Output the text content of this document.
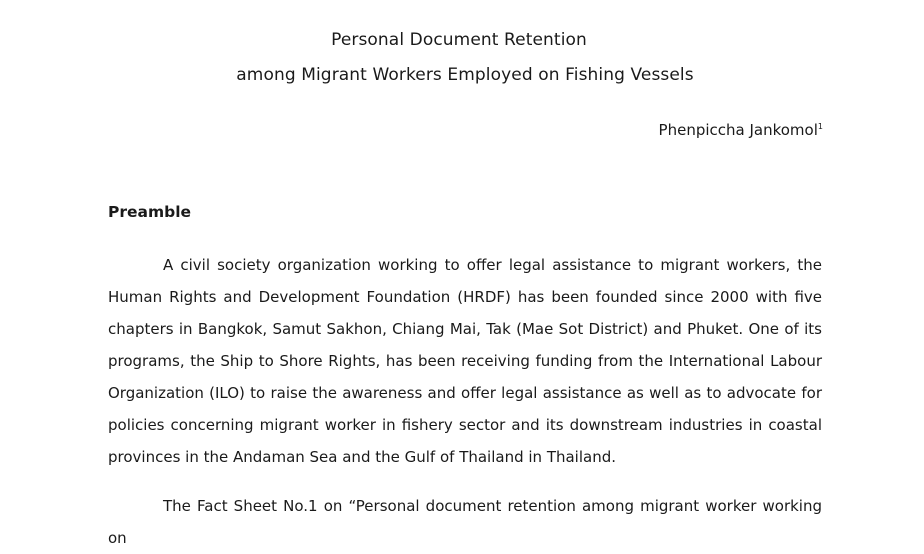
Personal Document Retention
among Migrant Workers Employed on Fishing Vessels
Phenpiccha Jankomol$^1$
Preamble

A civil society organization working to offer legal assistance to migrant workers, the Human Rights and Development Foundation (HRDF) has been founded since 2000 with five chapters in Bangkok, Samut Sakhon, Chiang Mai, Tak (Mae Sot District) and Phuket. One of its programs, the Ship to Shore Rights, has been receiving funding from the International Labour Organization (ILO) to raise the awareness and offer legal assistance as well as to advocate for policies concerning migrant worker in fishery sector and its downstream industries in coastal provinces in the Andaman Sea and the Gulf of Thailand in Thailand.

The Fact Sheet No.1 on “Personal document retention among migrant worker working on
